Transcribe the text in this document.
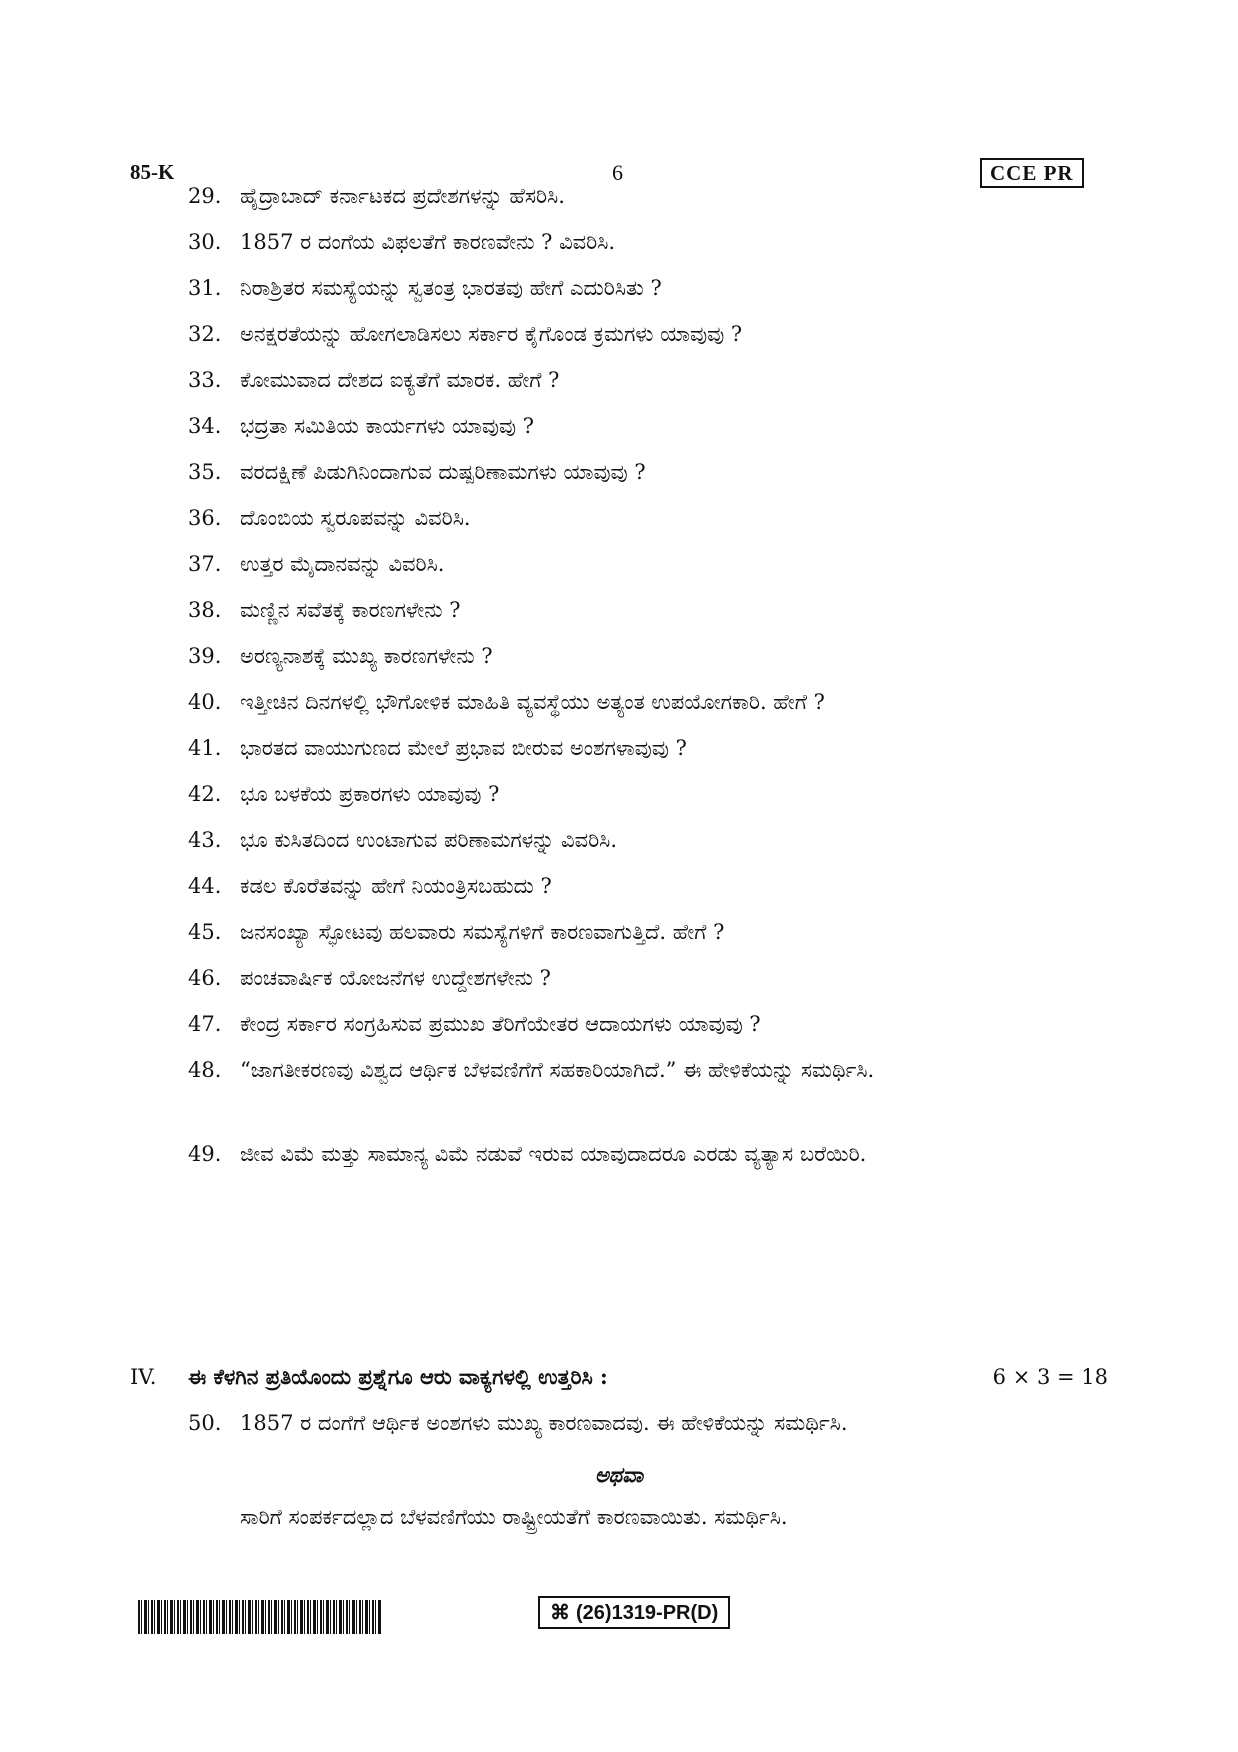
85-K	6	CCE PR
29. ಹೈದ್ರಾಬಾದ್ ಕರ್ನಾಟಕದ ಪ್ರದೇಶಗಳನ್ನು ಹೆಸರಿಸಿ.
30. 1857 ರ ದಂಗೆಯ ವಿಫಲತೆಗೆ ಕಾರಣವೇನು ? ವಿವರಿಸಿ.
31. ನಿರಾಶ್ರಿತರ ಸಮಸ್ಯೆಯನ್ನು ಸ್ವತಂತ್ರ ಭಾರತವು ಹೇಗೆ ಎದುರಿಸಿತು ?
32. ಅನಕ್ಷರತೆಯನ್ನು ಹೋಗಲಾಡಿಸಲು ಸರ್ಕಾರ ಕೈಗೊಂಡ ಕ್ರಮಗಳು ಯಾವುವು ?
33. ಕೋಮುವಾದ ದೇಶದ ಐಕ್ಯತೆಗೆ ಮಾರಕ. ಹೇಗೆ ?
34. ಭದ್ರತಾ ಸಮಿತಿಯ ಕಾರ್ಯಗಳು ಯಾವುವು ?
35. ವರದಕ್ಷಿಣೆ ಪಿಡುಗಿನಿಂದಾಗುವ ದುಷ್ಪರಿಣಾಮಗಳು ಯಾವುವು ?
36. ದೊಂಬಿಯ ಸ್ವರೂಪವನ್ನು ವಿವರಿಸಿ.
37. ಉತ್ತರ ಮೈದಾನವನ್ನು ವಿವರಿಸಿ.
38. ಮಣ್ಣಿನ ಸವೆತಕ್ಕೆ ಕಾರಣಗಳೇನು ?
39. ಅರಣ್ಯನಾಶಕ್ಕೆ ಮುಖ್ಯ ಕಾರಣಗಳೇನು ?
40. ಇತ್ತೀಚಿನ ದಿನಗಳಲ್ಲಿ ಭೌಗೋಳಿಕ ಮಾಹಿತಿ ವ್ಯವಸ್ಥೆಯು ಅತ್ಯಂತ ಉಪಯೋಗಕಾರಿ. ಹೇಗೆ ?
41. ಭಾರತದ ವಾಯುಗುಣದ ಮೇಲೆ ಪ್ರಭಾವ ಬೀರುವ ಅಂಶಗಳಾವುವು ?
42. ಭೂ ಬಳಕೆಯ ಪ್ರಕಾರಗಳು ಯಾವುವು ?
43. ಭೂ ಕುಸಿತದಿಂದ ಉಂಟಾಗುವ ಪರಿಣಾಮಗಳನ್ನು ವಿವರಿಸಿ.
44. ಕಡಲ ಕೊರೆತವನ್ನು ಹೇಗೆ ನಿಯಂತ್ರಿಸಬಹುದು ?
45. ಜನಸಂಖ್ಯಾ ಸ್ಫೋಟವು ಹಲವಾರು ಸಮಸ್ಯೆಗಳಿಗೆ ಕಾರಣವಾಗುತ್ತಿದೆ. ಹೇಗೆ ?
46. ಪಂಚವಾರ್ಷಿಕ ಯೋಜನೆಗಳ ಉದ್ದೇಶಗಳೇನು ?
47. ಕೇಂದ್ರ ಸರ್ಕಾರ ಸಂಗ್ರಹಿಸುವ ಪ್ರಮುಖ ತೆರಿಗೆಯೇತರ ಆದಾಯಗಳು ಯಾವುವು ?
48. “ಜಾಗತೀಕರಣವು ವಿಶ್ವದ ಆರ್ಥಿಕ ಬೆಳವಣಿಗೆಗೆ ಸಹಕಾರಿಯಾಗಿದೆ.” ಈ ಹೇಳಿಕೆಯನ್ನು ಸಮರ್ಥಿಸಿ.
49. ಜೀವ ವಿಮೆ ಮತ್ತು ಸಾಮಾನ್ಯ ವಿಮೆ ನಡುವೆ ಇರುವ ಯಾವುದಾದರೂ ಎರಡು ವ್ಯತ್ಯಾಸ ಬರೆಯಿರಿ.
IV.	ಈ ಕೆಳಗಿನ ಪ್ರತಿಯೊಂದು ಪ್ರಶ್ನೆಗೂ ಆರು ವಾಕ್ಯಗಳಲ್ಲಿ ಉತ್ತರಿಸಿ :	6 × 3 = 18
50. 1857 ರ ದಂಗೆಗೆ ಆರ್ಥಿಕ ಅಂಶಗಳು ಮುಖ್ಯ ಕಾರಣವಾದವು. ಈ ಹೇಳಿಕೆಯನ್ನು ಸಮರ್ಥಿಸಿ.
ಅಥವಾ
ಸಾರಿಗೆ ಸಂಪರ್ಕದಲ್ಲಾದ ಬೆಳವಣಿಗೆಯು ರಾಷ್ಟ್ರೀಯತೆಗೆ ಕಾರಣವಾಯಿತು. ಸಮರ್ಥಿಸಿ.
⌘ (26)1319-PR(D)
